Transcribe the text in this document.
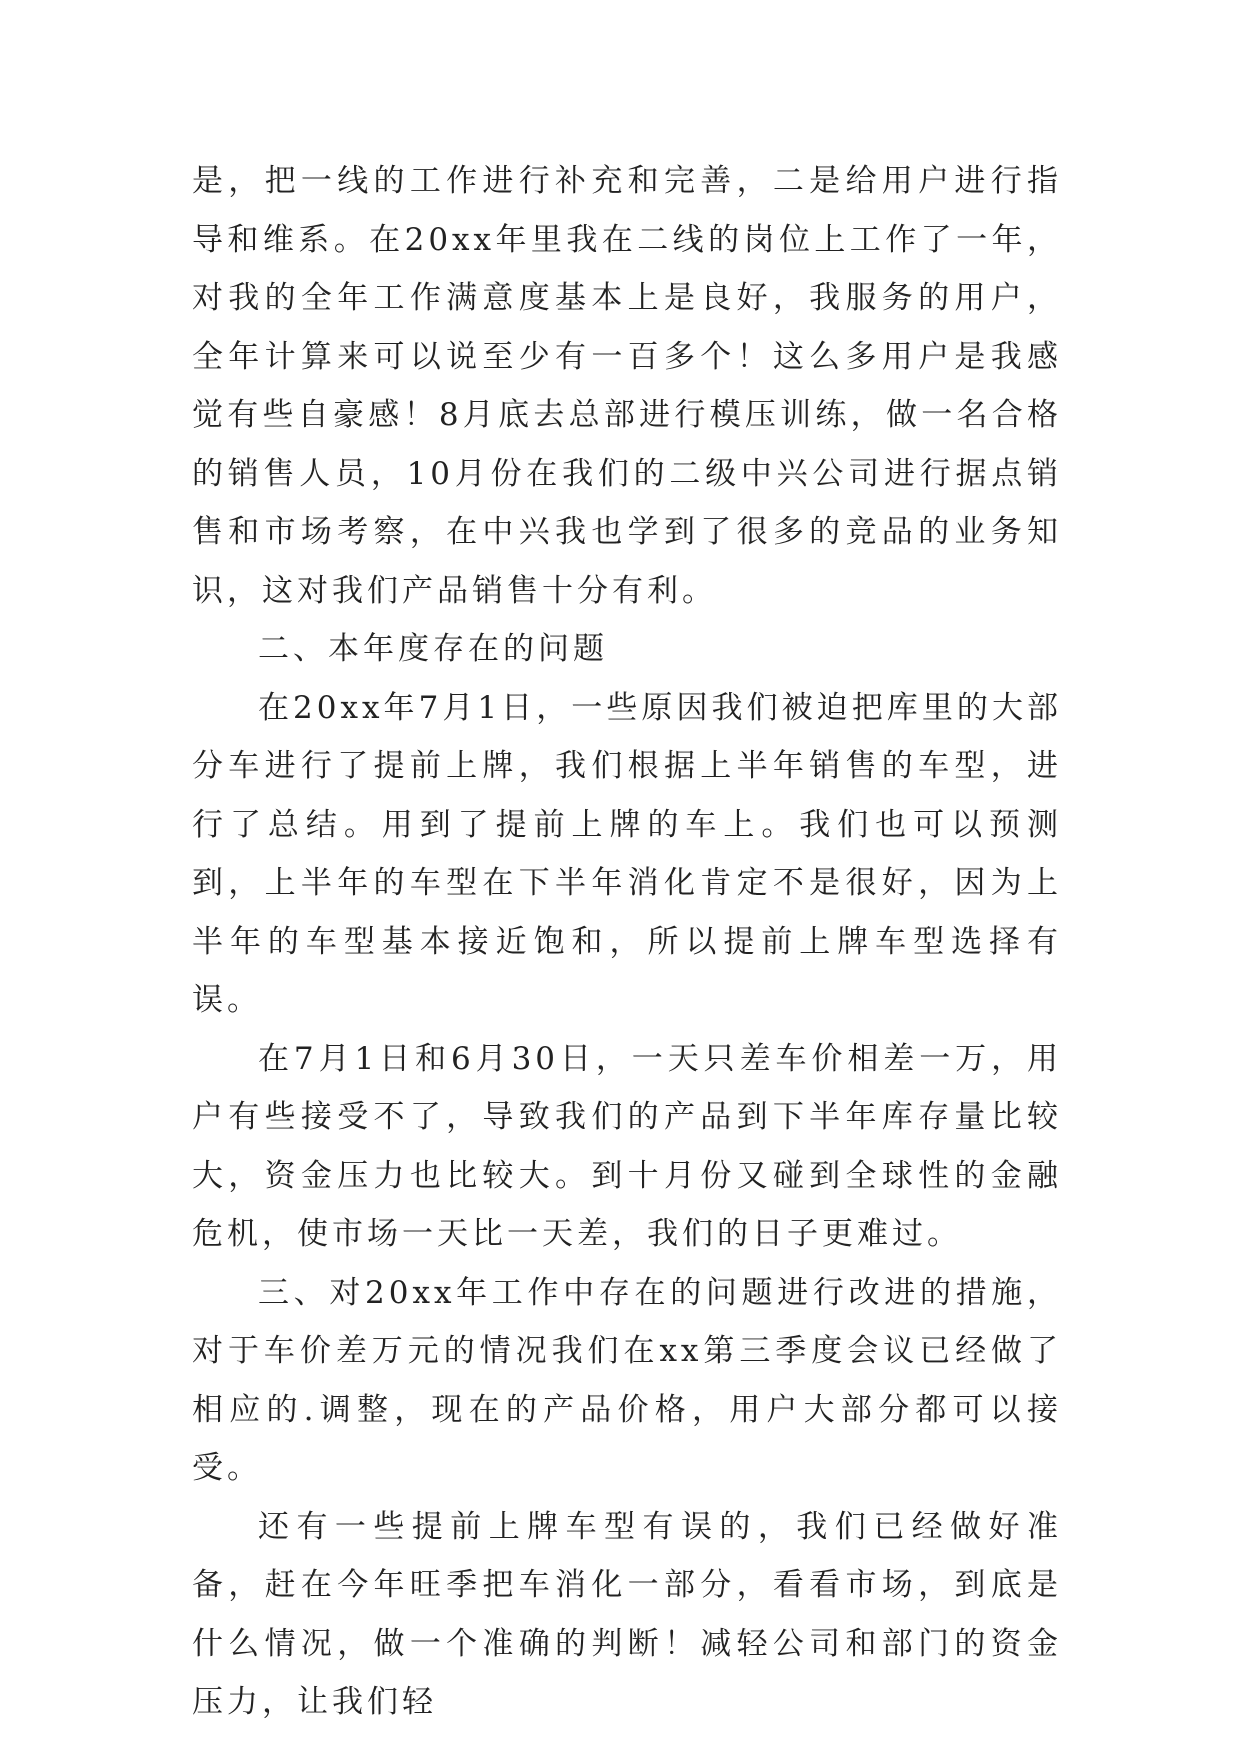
是，把一线的工作进行补充和完善，二是给用户进行指导和维系。在20xx年里我在二线的岗位上工作了一年，对我的全年工作满意度基本上是良好，我服务的用户，全年计算来可以说至少有一百多个！这么多用户是我感觉有些自豪感！8月底去总部进行模压训练，做一名合格的销售人员，10月份在我们的二级中兴公司进行据点销售和市场考察，在中兴我也学到了很多的竞品的业务知识，这对我们产品销售十分有利。

二、本年度存在的问题

在20xx年7月1日，一些原因我们被迫把库里的大部分车进行了提前上牌，我们根据上半年销售的车型，进行了总结。用到了提前上牌的车上。我们也可以预测到，上半年的车型在下半年消化肯定不是很好，因为上半年的车型基本接近饱和，所以提前上牌车型选择有误。

在7月1日和6月30日，一天只差车价相差一万，用户有些接受不了，导致我们的产品到下半年库存量比较大，资金压力也比较大。到十月份又碰到全球性的金融危机，使市场一天比一天差，我们的日子更难过。

三、对20xx年工作中存在的问题进行改进的措施，对于车价差万元的情况我们在xx第三季度会议已经做了相应的.调整，现在的产品价格，用户大部分都可以接受。

还有一些提前上牌车型有误的，我们已经做好准备，赶在今年旺季把车消化一部分，看看市场，到底是什么情况，做一个准确的判断！减轻公司和部门的资金压力，让我们轻
